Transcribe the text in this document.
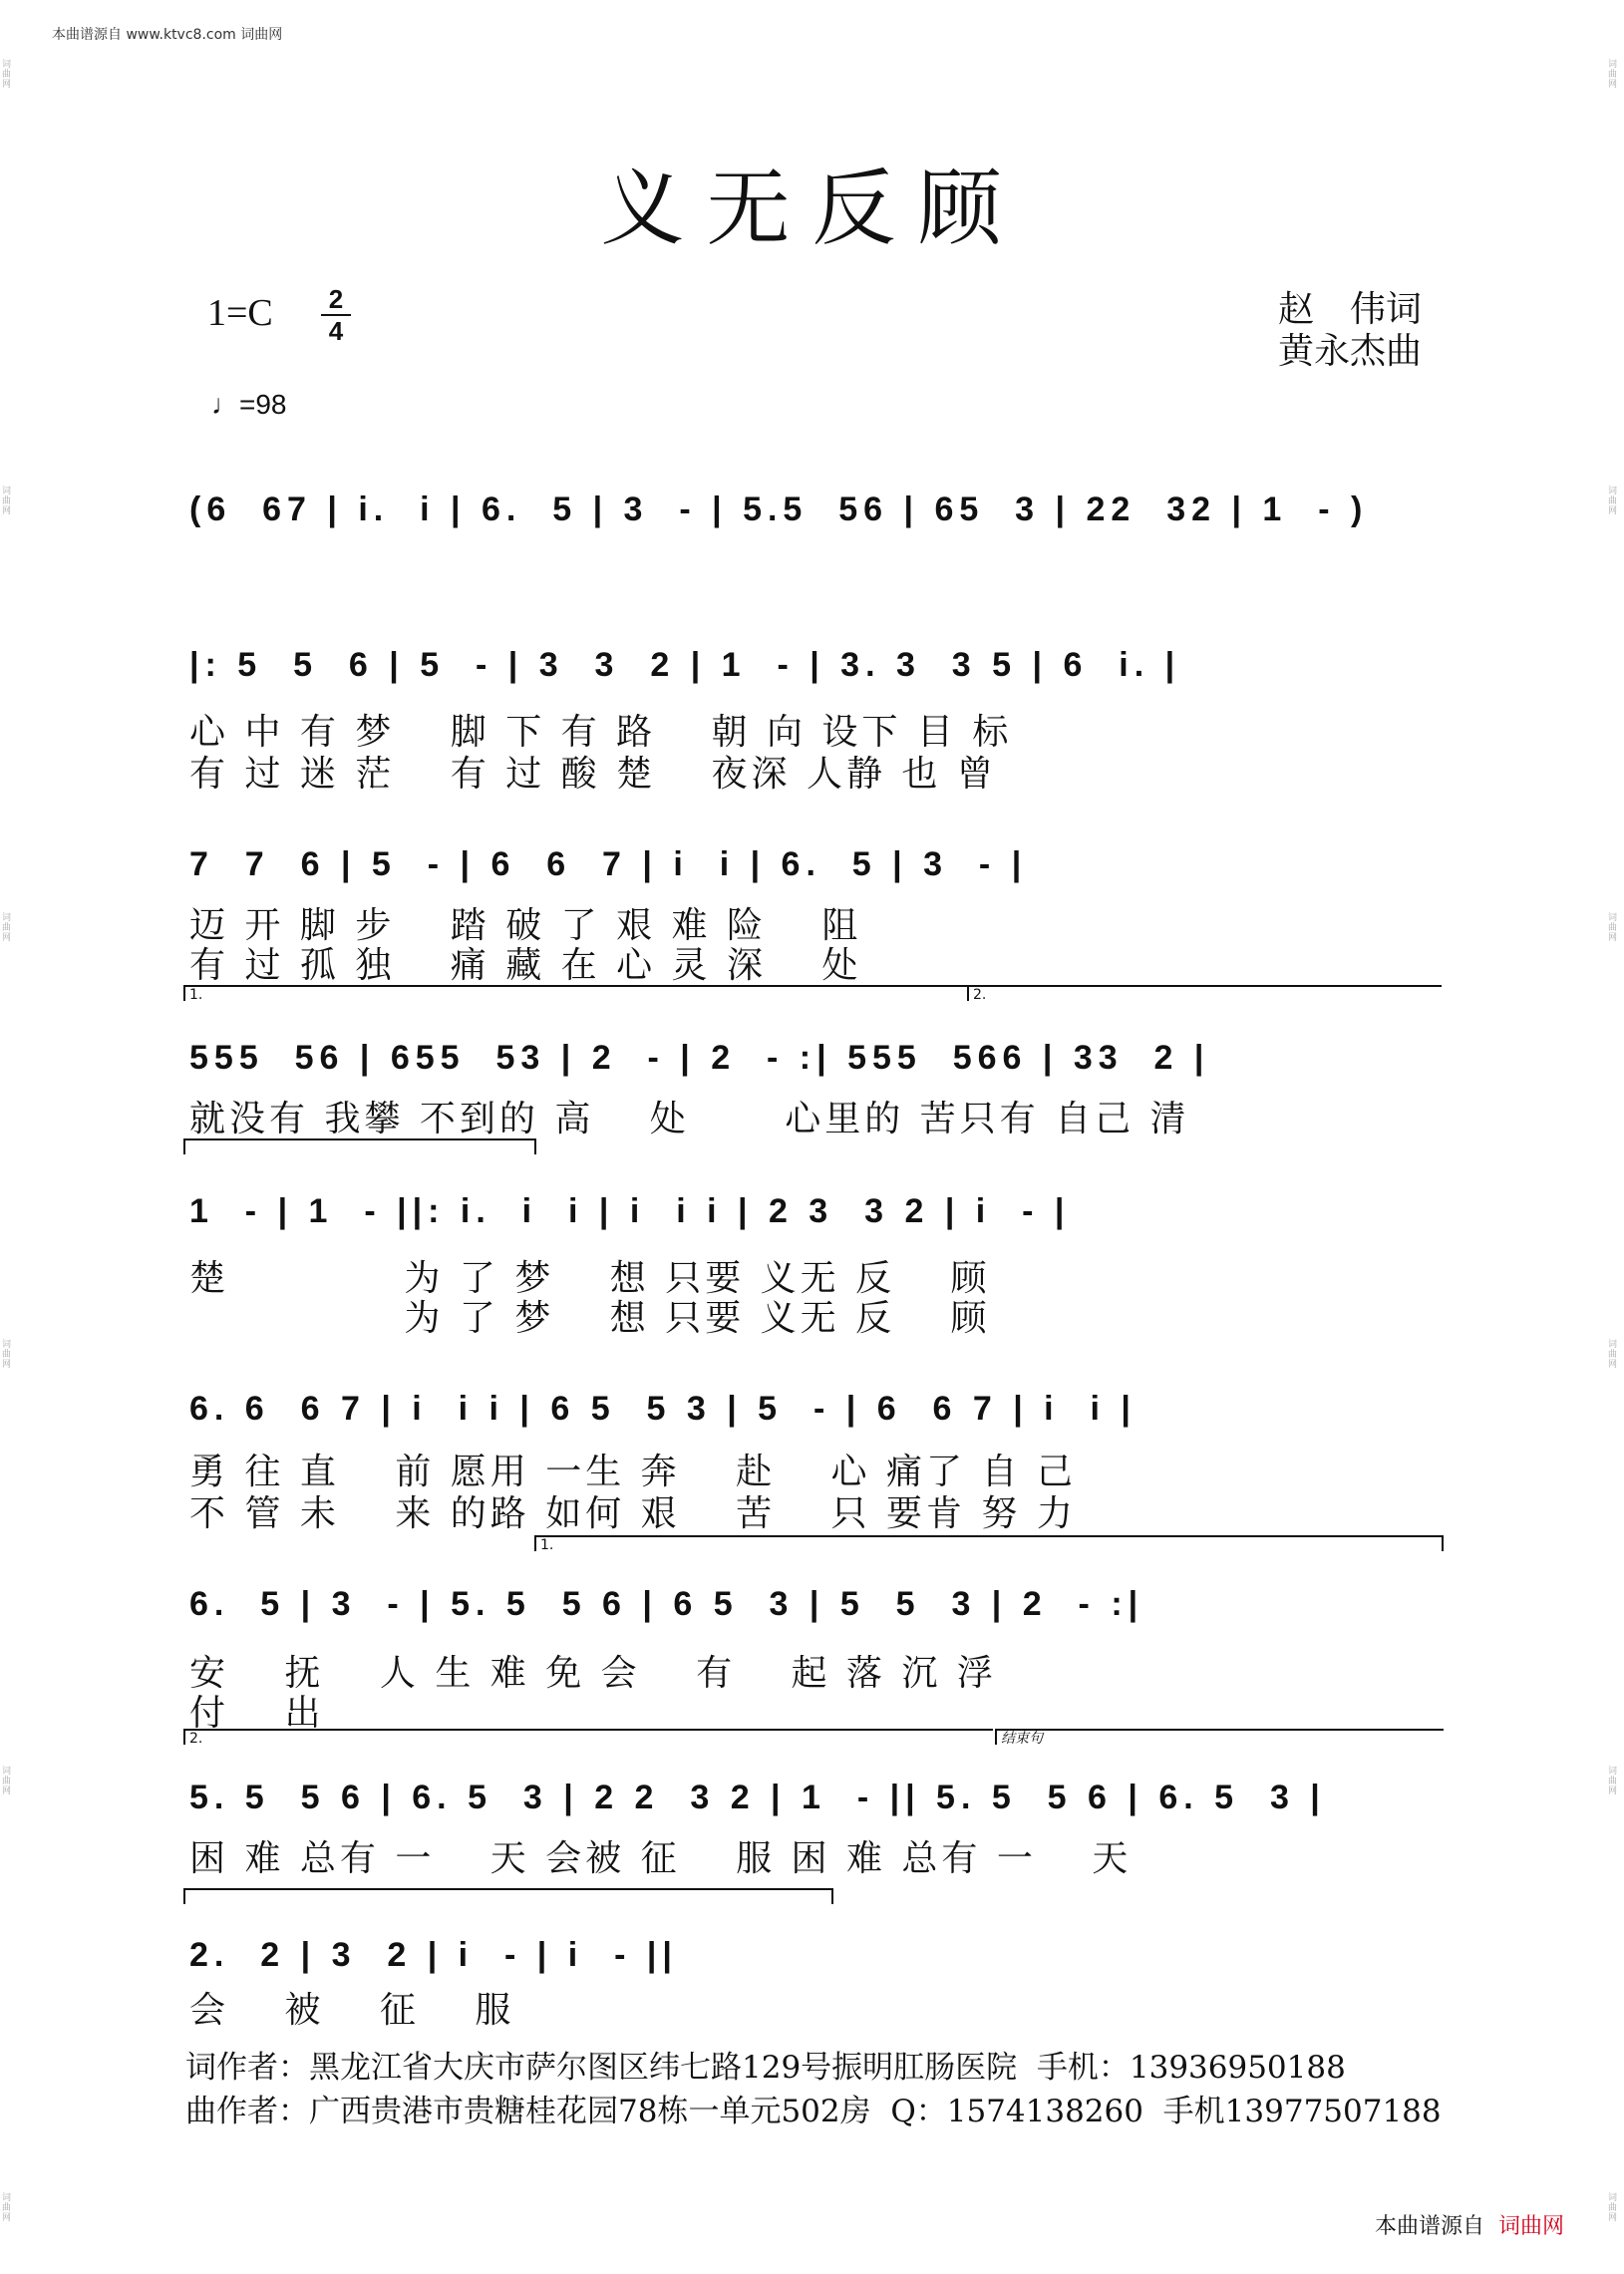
本曲谱源自 www.ktvc8.com 词曲网
词曲网
词曲网
词曲网
词曲网
词曲网
词曲网
词曲网
词曲网
词曲网
词曲网
词曲网
词曲网
义无反顾
1=C	2
4
♩=98
赵　伟词
黄永杰曲

(6  67 | i.  i | 6.  5 | 3  - | 5.5  56 | 65  3 | 22  32 | 1  - )

|: 5  5  6 | 5  - | 3  3  2 | 1  - | 3. 3  3 5 | 6  i. |

心 中 有 梦　 脚 下 有 路　 朝 向 设下 目 标
有 过 迷 茫　 有 过 酸 楚　 夜深 人静 也 曾

7  7  6 | 5  - | 6  6  7 | i  i | 6.  5 | 3  - |

迈 开 脚 步　 踏 破 了 艰 难 险　 阻
有 过 孤 独　 痛 藏 在 心 灵 深　 处
1.	2.

555  56 | 655  53 | 2  - | 2  - :| 555  566 | 33  2 |

就没有 我攀 不到的 高　 处　　 心里的 苦只有 自己 清

1  - | 1  - ||: i.  i  i | i  i i | 2 3  3 2 | i  - |

楚　　　　 为 了 梦　 想 只要 义无 反　 顾
　　　　　 为 了 梦　 想 只要 义无 反　 顾

6. 6  6 7 | i  i i | 6 5  5 3 | 5  - | 6  6 7 | i  i |

勇 往 直　 前 愿用 一生 奔　 赴　 心 痛了 自 己
不 管 未　 来 的路 如何 艰　 苦　 只 要肯 努 力
1.

6.  5 | 3  - | 5. 5  5 6 | 6 5  3 | 5  5  3 | 2  - :|

安　 抚　 人 生 难 免 会　 有　 起 落 沉 浮
付　 出
2.	结束句

5. 5  5 6 | 6. 5  3 | 2 2  3 2 | 1  - || 5. 5  5 6 | 6. 5  3 |

困 难 总有 一　 天 会被 征　 服 困 难 总有 一　 天

2.  2 | 3  2 | i  - | i  - ||

会　 被　 征　 服
词作者：黑龙江省大庆市萨尔图区纬七路129号振明肛肠医院  手机：13936950188
曲作者：广西贵港市贵糖桂花园78栋一单元502房  Q：1574138260  手机13977507188
本曲谱源自 词曲网
